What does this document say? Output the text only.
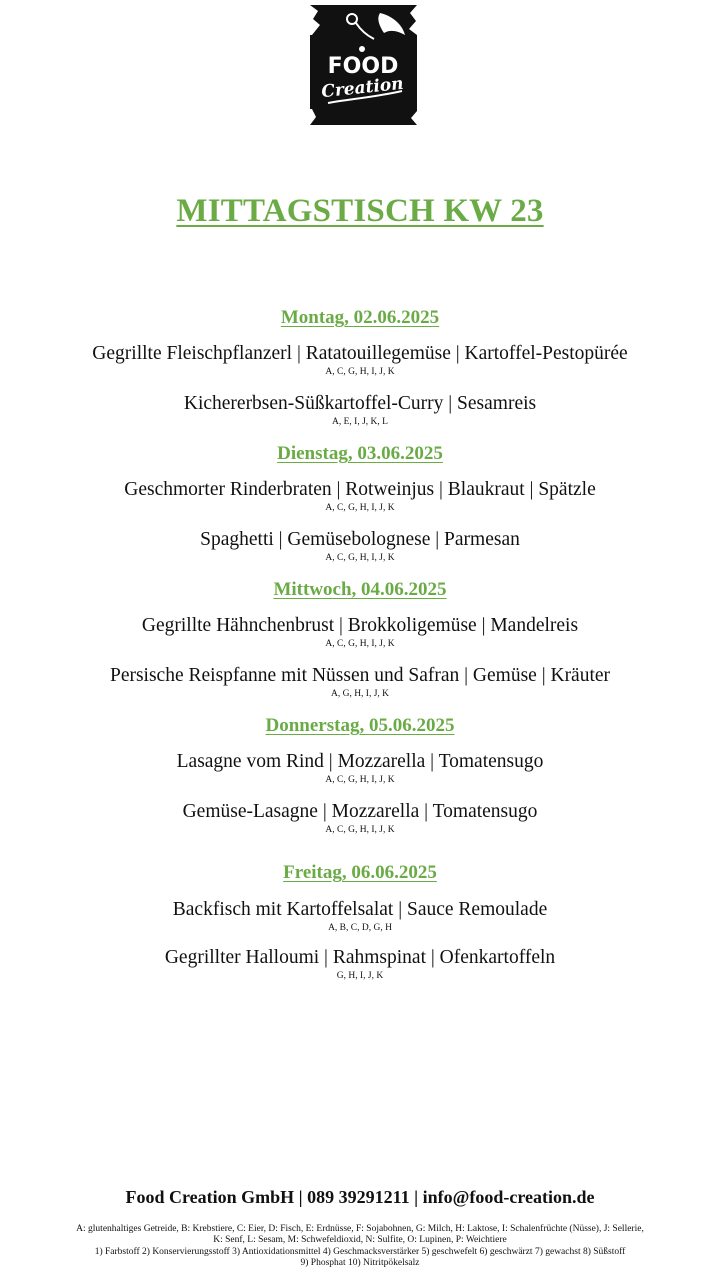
FOOD
Creation
MITTAGSTISCH KW 23
Montag, 02.06.2025
Gegrillte Fleischpflanzerl | Ratatouillegemüse | Kartoffel-Pestopürée
A, C, G, H, I, J, K
Kichererbsen-Süßkartoffel-Curry | Sesamreis
A, E, I, J, K, L
Dienstag, 03.06.2025
Geschmorter Rinderbraten | Rotweinjus | Blaukraut | Spätzle
A, C, G, H, I, J, K
Spaghetti | Gemüsebolognese | Parmesan
A, C, G, H, I, J, K
Mittwoch, 04.06.2025
Gegrillte Hähnchenbrust | Brokkoligemüse | Mandelreis
A, C, G, H, I, J, K
Persische Reispfanne mit Nüssen und Safran | Gemüse | Kräuter
A, G, H, I, J, K
Donnerstag, 05.06.2025
Lasagne vom Rind | Mozzarella | Tomatensugo
A, C, G, H, I, J, K
Gemüse-Lasagne | Mozzarella | Tomatensugo
A, C, G, H, I, J, K
Freitag, 06.06.2025
Backfisch mit Kartoffelsalat | Sauce Remoulade
A, B, C, D, G, H
Gegrillter Halloumi | Rahmspinat | Ofenkartoffeln
G, H, I, J, K
Food Creation GmbH | 089 39291211 | info@food-creation.de
A: glutenhaltiges Getreide, B: Krebstiere, C: Eier, D: Fisch, E: Erdnüsse, F: Sojabohnen, G: Milch, H: Laktose, I: Schalenfrüchte (Nüsse), J: Sellerie,
K: Senf, L: Sesam, M: Schwefeldioxid, N: Sulfite, O: Lupinen, P: Weichtiere
1) Farbstoff 2) Konservierungsstoff 3) Antioxidationsmittel 4) Geschmacksverstärker 5) geschwefelt 6) geschwärzt 7) gewachst 8) Süßstoff
9) Phosphat 10) Nitritpökelsalz
